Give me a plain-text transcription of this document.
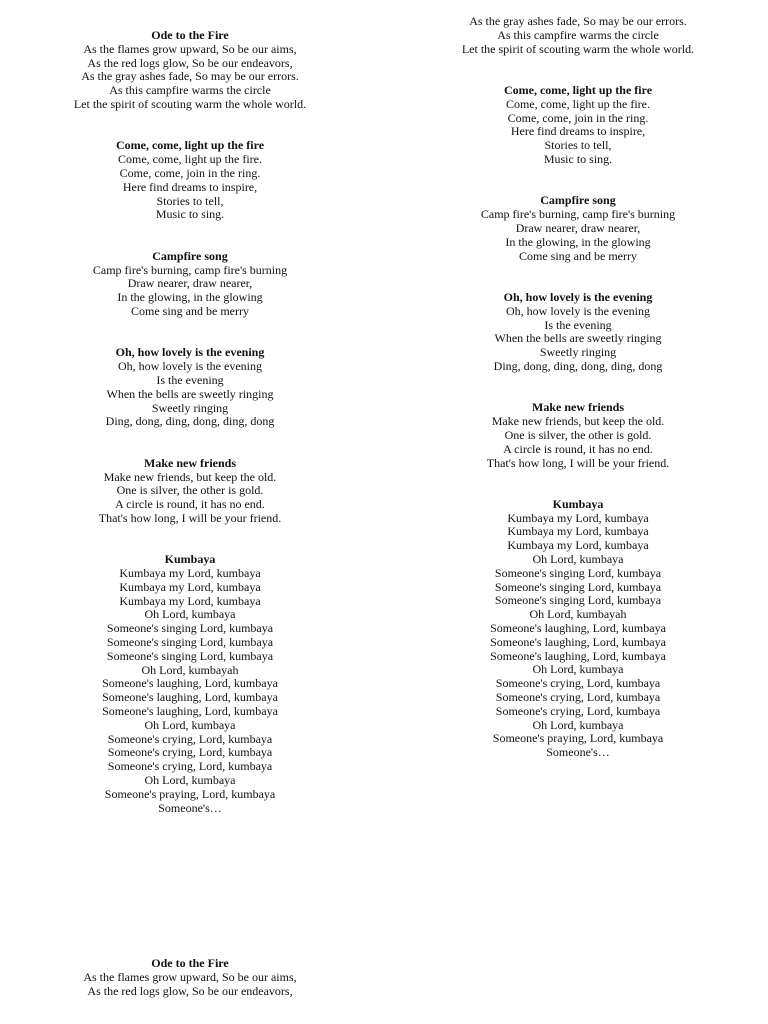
Ode to the Fire
As the flames grow upward, So be our aims,
As the red logs glow, So be our endeavors,
As the gray ashes fade, So may be our errors.
As this campfire warms the circle
Let the spirit of scouting warm the whole world.
Come, come, light up the fire
Come, come, light up the fire.
Come, come, join in the ring.
Here find dreams to inspire,
Stories to tell,
Music to sing.
Campfire song
Camp fire's burning, camp fire's burning
Draw nearer, draw nearer,
In the glowing, in the glowing
Come sing and be merry
Oh, how lovely is the evening
Oh, how lovely is the evening
Is the evening
When the bells are sweetly ringing
Sweetly ringing
Ding, dong, ding, dong, ding, dong
Make new friends
Make new friends, but keep the old.
One is silver, the other is gold.
A circle is round, it has no end.
That's how long, I will be your friend.
Kumbaya
Kumbaya my Lord, kumbaya
Kumbaya my Lord, kumbaya
Kumbaya my Lord, kumbaya
Oh Lord, kumbaya
Someone's singing Lord, kumbaya
Someone's singing Lord, kumbaya
Someone's singing Lord, kumbaya
Oh Lord, kumbayah
Someone's laughing, Lord, kumbaya
Someone's laughing, Lord, kumbaya
Someone's laughing, Lord, kumbaya
Oh Lord, kumbaya
Someone's crying, Lord, kumbaya
Someone's crying, Lord, kumbaya
Someone's crying, Lord, kumbaya
Oh Lord, kumbaya
Someone's praying, Lord, kumbaya
Someone's…
As the gray ashes fade, So may be our errors.
As this campfire warms the circle
Let the spirit of scouting warm the whole world.
Come, come, light up the fire
Come, come, light up the fire.
Come, come, join in the ring.
Here find dreams to inspire,
Stories to tell,
Music to sing.
Campfire song
Camp fire's burning, camp fire's burning
Draw nearer, draw nearer,
In the glowing, in the glowing
Come sing and be merry
Oh, how lovely is the evening
Oh, how lovely is the evening
Is the evening
When the bells are sweetly ringing
Sweetly ringing
Ding, dong, ding, dong, ding, dong
Make new friends
Make new friends, but keep the old.
One is silver, the other is gold.
A circle is round, it has no end.
That's how long, I will be your friend.
Kumbaya
Kumbaya my Lord, kumbaya
Kumbaya my Lord, kumbaya
Kumbaya my Lord, kumbaya
Oh Lord, kumbaya
Someone's singing Lord, kumbaya
Someone's singing Lord, kumbaya
Someone's singing Lord, kumbaya
Oh Lord, kumbayah
Someone's laughing, Lord, kumbaya
Someone's laughing, Lord, kumbaya
Someone's laughing, Lord, kumbaya
Oh Lord, kumbaya
Someone's crying, Lord, kumbaya
Someone's crying, Lord, kumbaya
Someone's crying, Lord, kumbaya
Oh Lord, kumbaya
Someone's praying, Lord, kumbaya
Someone's…
Ode to the Fire
As the flames grow upward, So be our aims,
As the red logs glow, So be our endeavors,
